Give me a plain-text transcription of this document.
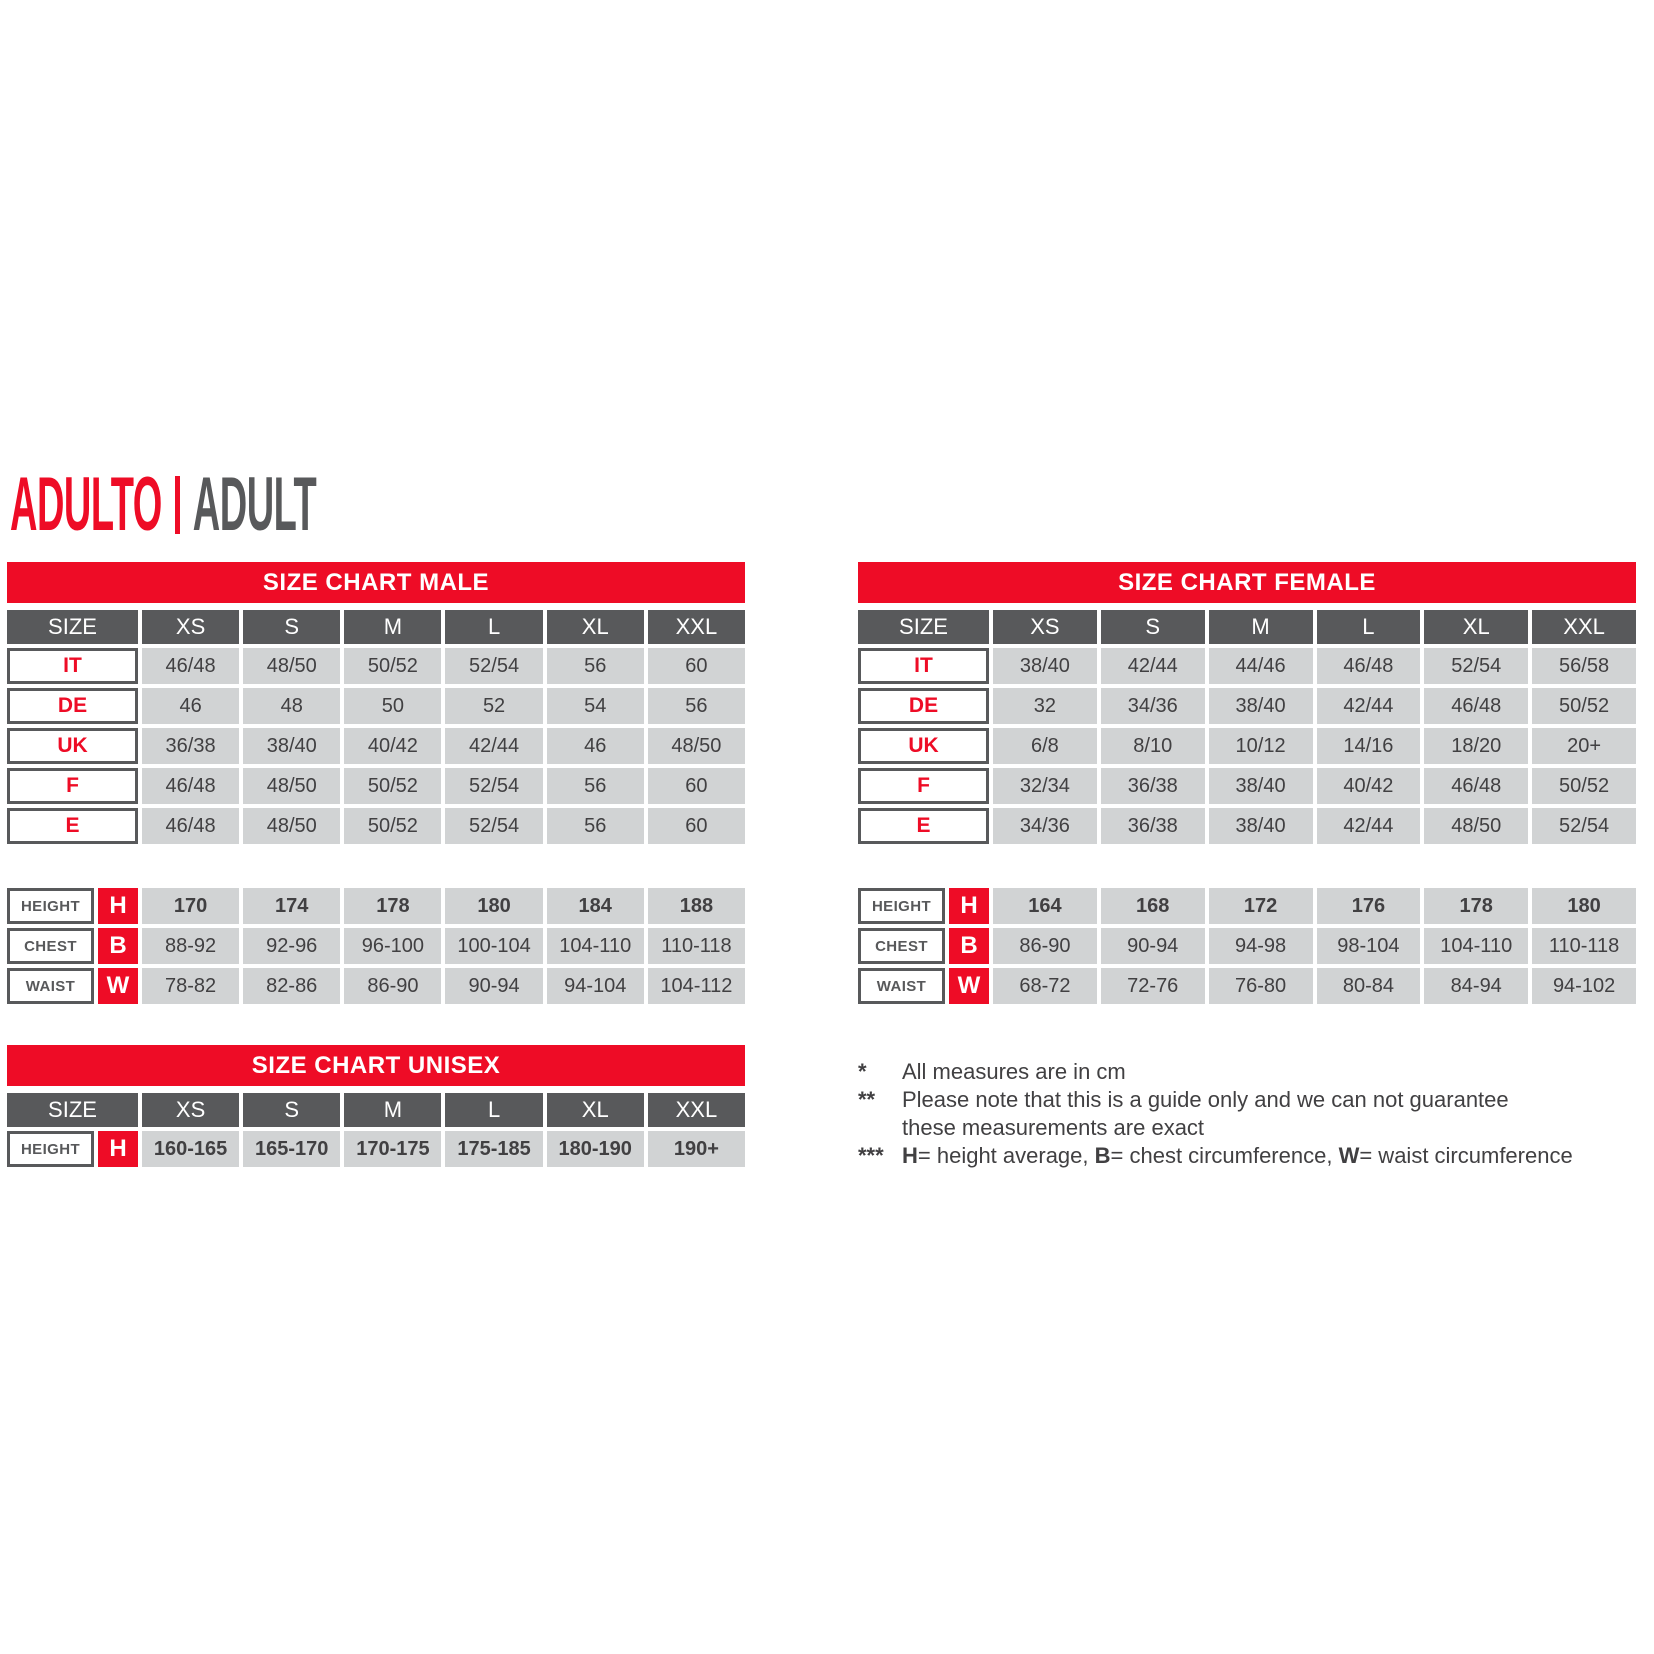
ADULTO ADULT
SIZE CHART MALE
SIZE	XS	S	M	L	XL	XXL
IT	46/48	48/50	50/52	52/54	56	60
DE	46	48	50	52	54	56
UK	36/38	38/40	40/42	42/44	46	48/50
F	46/48	48/50	50/52	52/54	56	60
E	46/48	48/50	50/52	52/54	56	60
HEIGHT	H	170	174	178	180	184	188
CHEST	B	88-92	92-96	96-100	100-104	104-110	110-118
WAIST	W	78-82	82-86	86-90	90-94	94-104	104-112
SIZE CHART FEMALE
SIZE	XS	S	M	L	XL	XXL
IT	38/40	42/44	44/46	46/48	52/54	56/58
DE	32	34/36	38/40	42/44	46/48	50/52
UK	6/8	8/10	10/12	14/16	18/20	20+
F	32/34	36/38	38/40	40/42	46/48	50/52
E	34/36	36/38	38/40	42/44	48/50	52/54
HEIGHT	H	164	168	172	176	178	180
CHEST	B	86-90	90-94	94-98	98-104	104-110	110-118
WAIST	W	68-72	72-76	76-80	80-84	84-94	94-102
SIZE CHART UNISEX
SIZE	XS	S	M	L	XL	XXL
HEIGHT	H	160-165	165-170	170-175	175-185	180-190	190+
*	All measures are in cm
**	Please note that this is a guide only and we can not guarantee
these measurements are exact
*** H= height average, B= chest circumference, W= waist circumference
